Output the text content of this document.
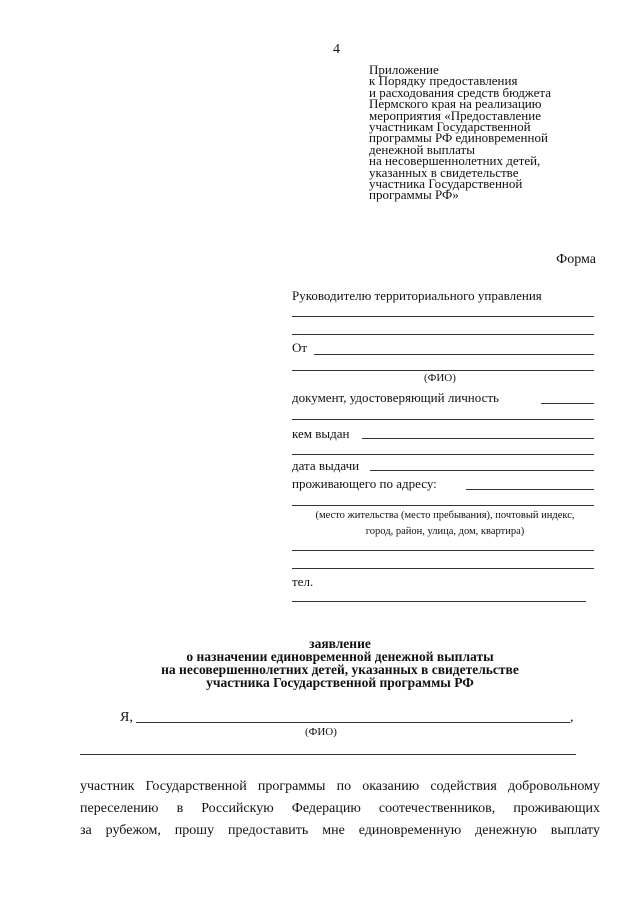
4
Приложение
к Порядку предоставления
и расходования средств бюджета
Пермского края на реализацию
мероприятия «Предоставление
участникам Государственной
программы РФ единовременной
денежной выплаты
на несовершеннолетних детей,
указанных в свидетельстве
участника Государственной
программы РФ»
Форма
Руководителю территориального управления
От
(ФИО)
документ, удостоверяющий личность
кем выдан
дата выдачи
проживающего по адресу:
(место жительства (место пребывания), почтовый индекс,
город, район, улица, дом, квартира)
тел.
заявление
о назначении единовременной денежной выплаты
на несовершеннолетних детей, указанных в свидетельстве
участника Государственной программы РФ
Я,	,
(ФИО)
участник Государственной программы по оказанию содействия добровольному
переселению в Российскую Федерацию соотечественников, проживающих
за рубежом, прошу предоставить мне единовременную денежную выплату
